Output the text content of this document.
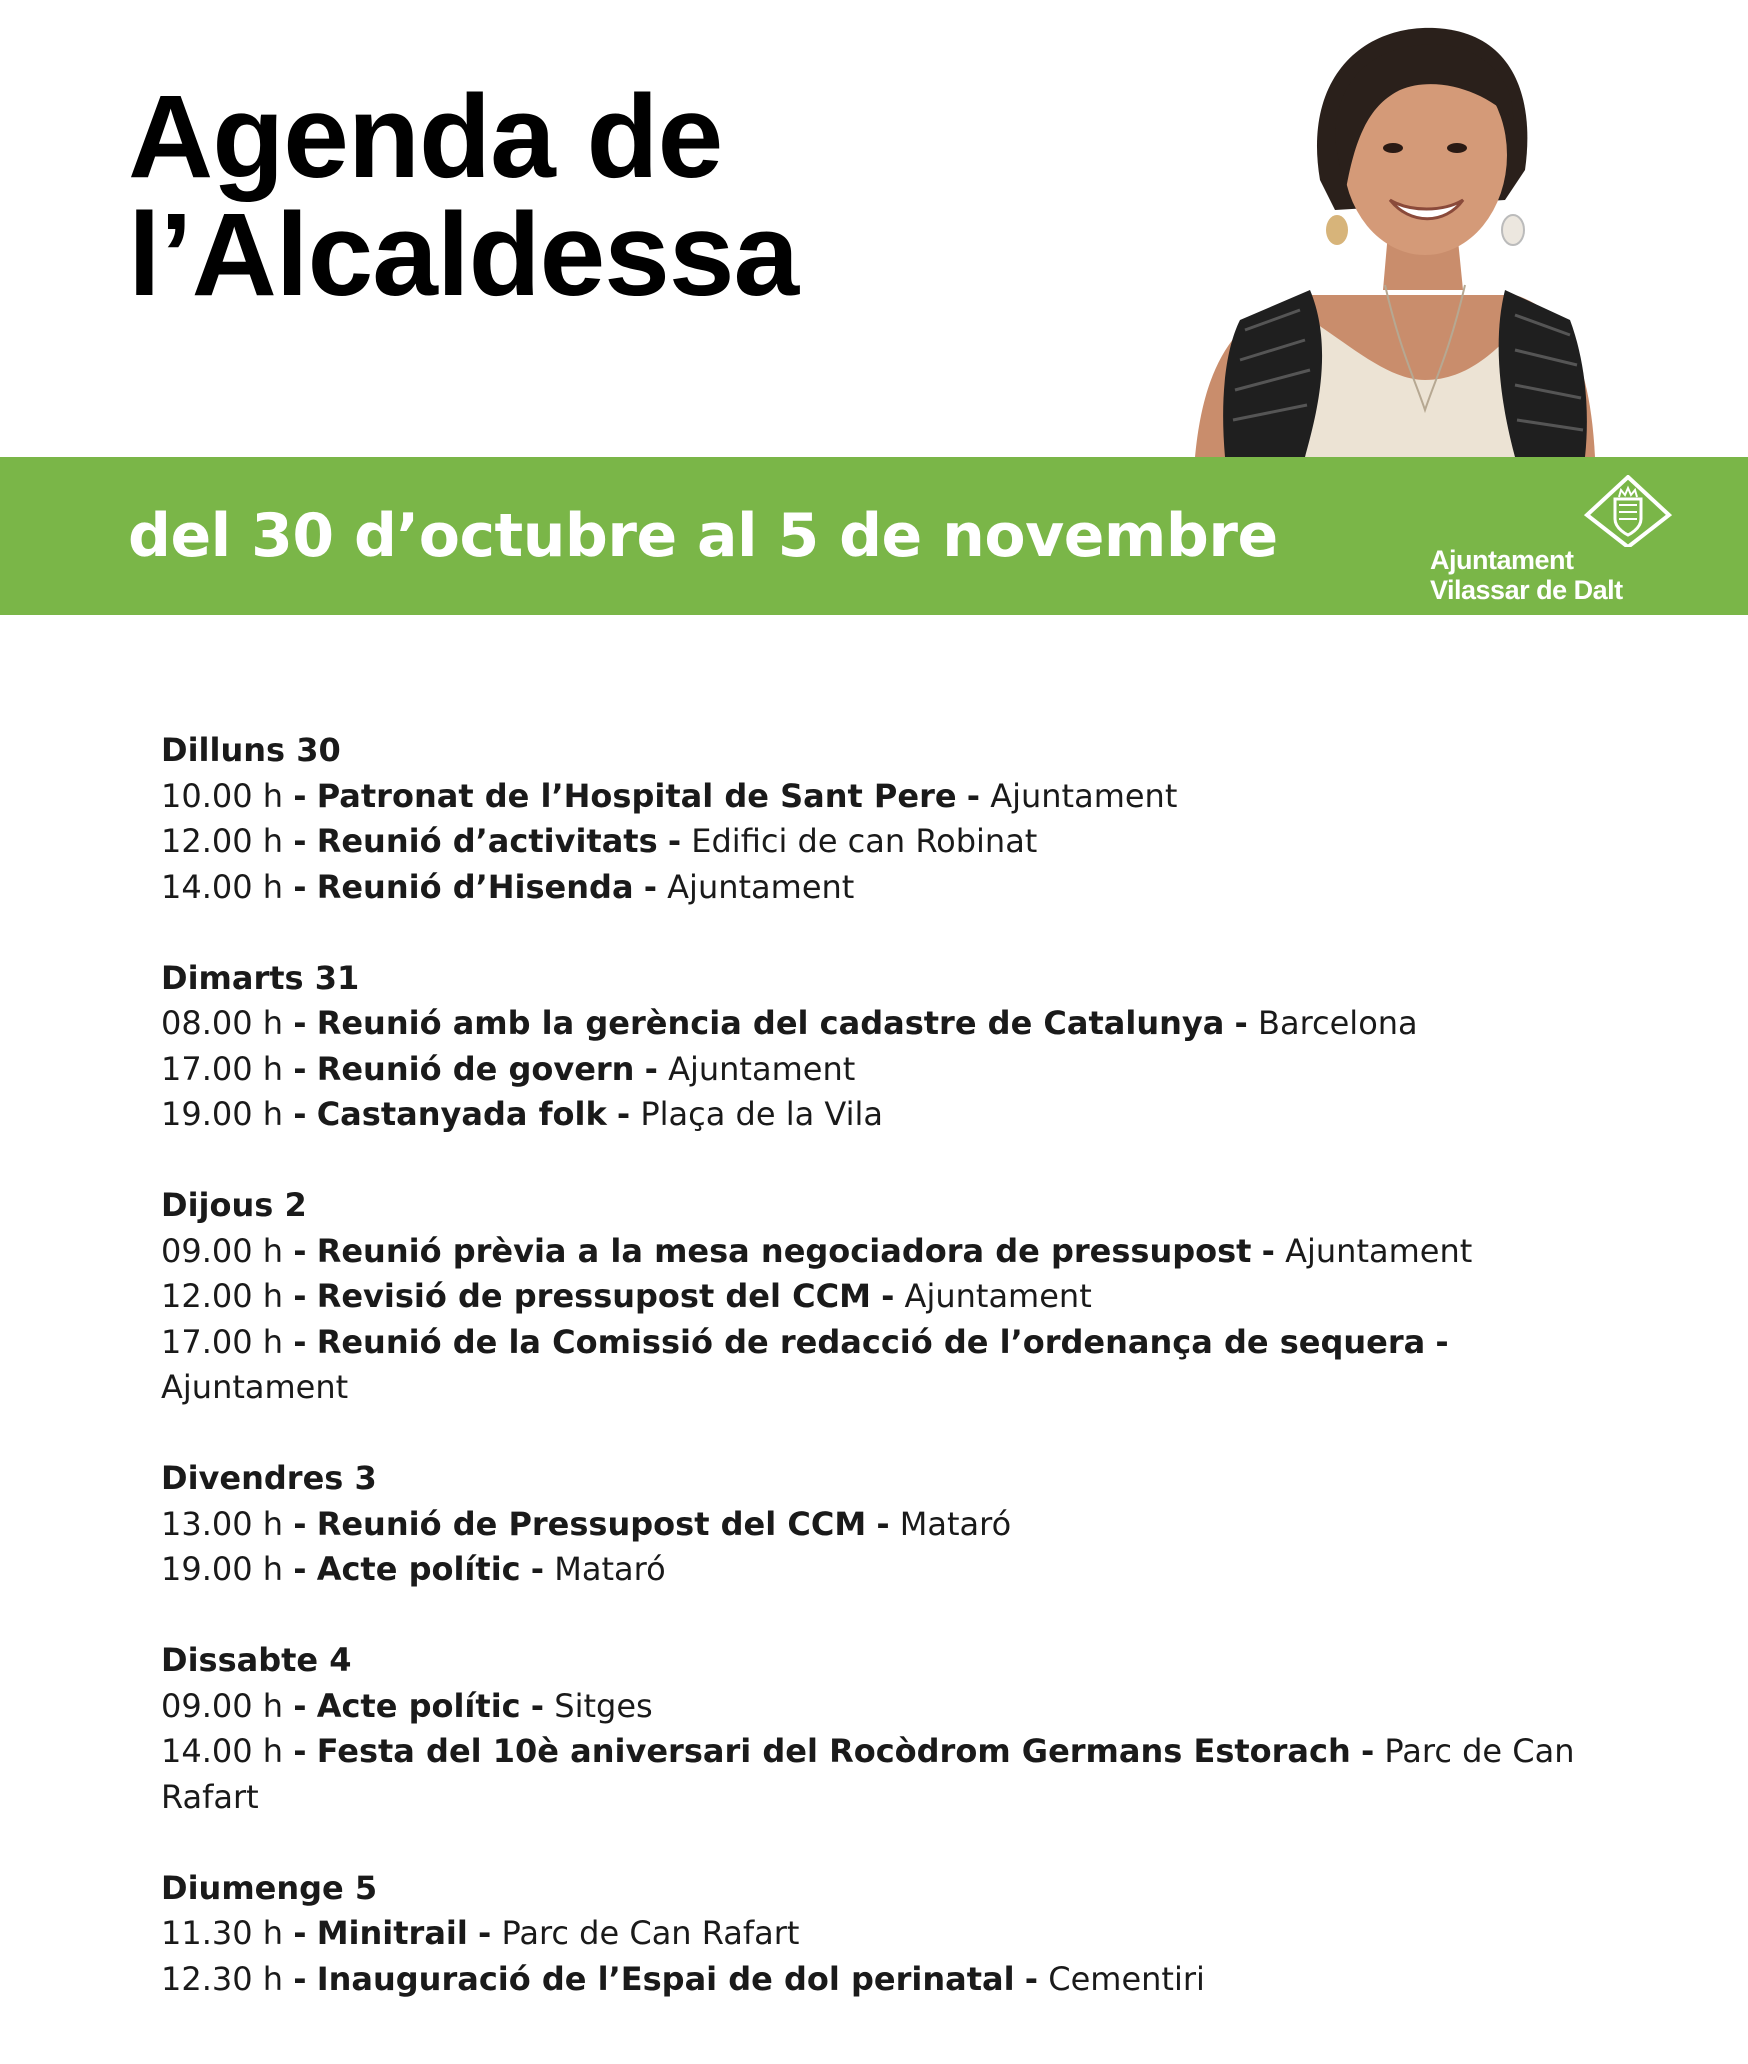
Agenda de
l’Alcaldessa
del 30 d’octubre al 5 de novembre	Ajuntament
Vilassar de Dalt
Dilluns 30
10.00 h - Patronat de l’Hospital de Sant Pere - Ajuntament
12.00 h - Reunió d’activitats - Edifici de can Robinat
14.00 h - Reunió d’Hisenda - Ajuntament
Dimarts 31
08.00 h - Reunió amb la gerència del cadastre de Catalunya - Barcelona
17.00 h - Reunió de govern - Ajuntament
19.00 h - Castanyada folk - Plaça de la Vila
Dijous 2
09.00 h - Reunió prèvia a la mesa negociadora de pressupost - Ajuntament
12.00 h - Revisió de pressupost del CCM - Ajuntament
17.00 h - Reunió de la Comissió de redacció de l’ordenança de sequera - Ajuntament
Divendres 3
13.00 h - Reunió de Pressupost del CCM - Mataró
19.00 h - Acte polític - Mataró
Dissabte 4
09.00 h - Acte polític - Sitges
14.00 h - Festa del 10è aniversari del Rocòdrom Germans Estorach - Parc de Can Rafart
Diumenge 5
11.30 h - Minitrail - Parc de Can Rafart
12.30 h - Inauguració de l’Espai de dol perinatal - Cementiri
